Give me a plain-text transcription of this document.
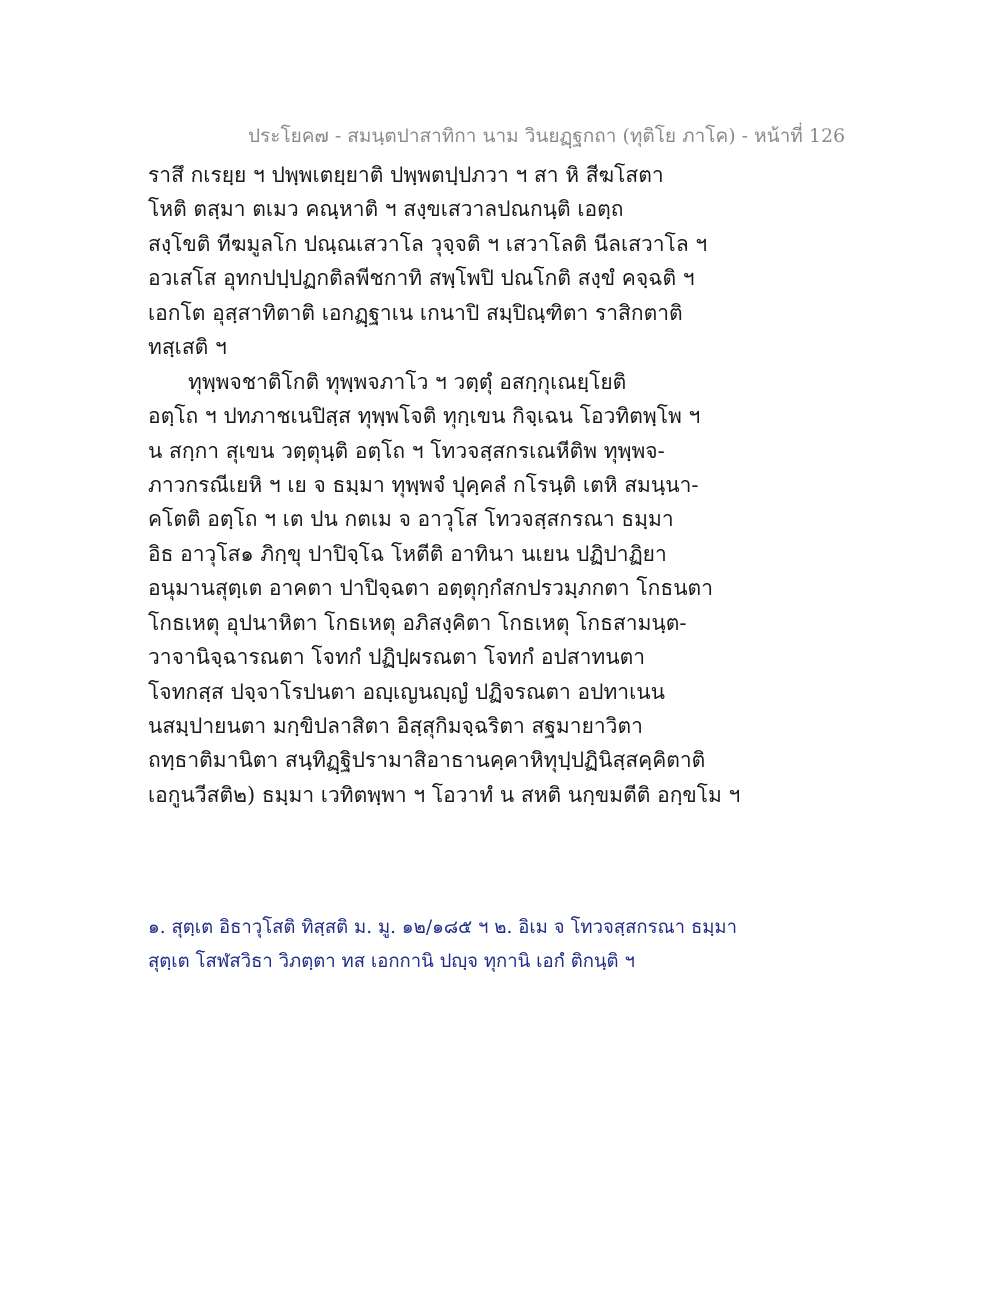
ประโยค๗ - สมนฺตปาสาทิกา นาม วินยฏฺฐกถา (ทุติโย ภาโค) - หน้าที่ 126
ราสึ กเรยฺย ฯ ปพฺพเตยฺยาติ ปพฺพตปฺปภวา ฯ สา หิ สีฆโสตา
โหติ ตสฺมา ตเมว คณฺหาติ ฯ สงฺขเสวาลปณกนฺติ เอตฺถ
สงฺโขติ ทีฆมูลโก ปณฺณเสวาโล วุจฺจติ ฯ เสวาโลติ นีลเสวาโล ฯ
อวเสโส อุทกปปฺปฏกติลพีชกาทิ สพฺโพปิ ปณโกติ สงฺขํ คจฺฉติ ฯ
เอกโต อุสฺสาทิตาติ เอกฏฺฐาเน เกนาปิ สมฺปิณฺฑิตา ราสิกตาติ
ทสฺเสติ ฯ
ทุพฺพจชาติโกติ ทุพฺพจภาโว ฯ วตฺตุํ อสกฺกุเณยฺโยติ
อตฺโถ ฯ ปทภาชเนปิสฺส ทุพฺพโจติ ทุกฺเขน กิจฺเฉน โอวทิตพฺโพ ฯ
น สกฺกา สุเขน วตฺตุนฺติ อตฺโถ ฯ โทวจสฺสกรเณหีติพ ทุพฺพจ-
ภาวกรณีเยหิ ฯ เย จ ธมฺมา ทุพฺพจํ ปุคฺคลํ กโรนฺติ เตหิ สมนฺนา-
คโตติ อตฺโถ ฯ เต ปน กตเม จ อาวุโส โทวจสฺสกรณา ธมฺมา
อิธ อาวุโส๑ ภิกฺขุ ปาปิจฺโฉ โหตีติ อาทินา นเยน ปฏิปาฏิยา
อนุมานสุตฺเต อาคตา ปาปิจฺฉตา อตฺตุกฺกํสกปรวมฺภกตา โกธนตา
โกธเหตุ อุปนาหิตา โกธเหตุ อภิสงฺคิตา โกธเหตุ โกธสามนฺต-
วาจานิจฺฉารณตา โจทกํ ปฏิปฺผรณตา โจทกํ อปสาทนตา
โจทกสฺส ปจฺจาโรปนตา อญฺเญนญฺญํ ปฏิจรณตา อปทาเนน
นสมฺปายนตา มกฺขิปลาสิตา อิสฺสุกิมจฺฉริตา สฐมายาวิตา
ถทฺธาติมานิตา สนฺทิฏฺฐิปรามาสิอาธานคฺคาหิทุปฺปฏินิสฺสคฺคิตาติ
เอกูนวีสติ๒) ธมฺมา เวทิตพฺพา ฯ โอวาทํ น สหติ นกฺขมตีติ อกฺขโม ฯ
๑. สุตฺเต อิธาวุโสติ ทิสฺสติ ม. มู. ๑๒/๑๘๕ ฯ ๒. อิเม จ โทวจสฺสกรณา ธมฺมา
สุตฺเต โสฬสวิธา วิภตฺตา ทส เอกกานิ ปญฺจ ทุกานิ เอกํ ติกนฺติ ฯ
